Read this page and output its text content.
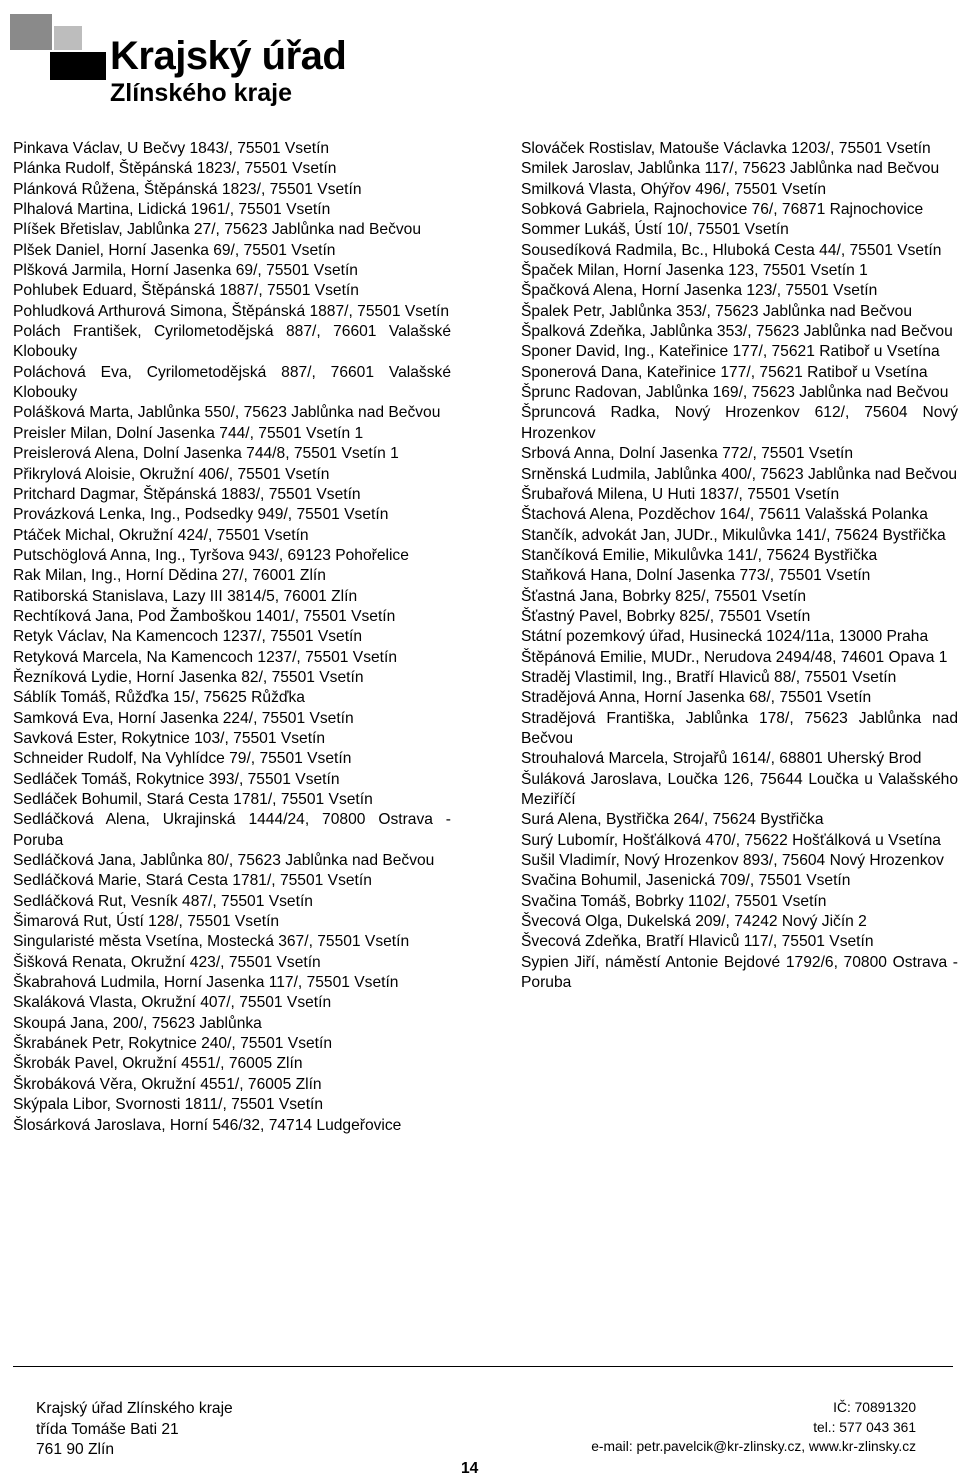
Krajský úřad
Zlínského kraje
Pinkava Václav, U Bečvy 1843/, 75501 Vsetín
Plánka Rudolf, Štěpánská 1823/, 75501 Vsetín
Plánková Růžena, Štěpánská 1823/, 75501 Vsetín
Plhalová Martina, Lidická 1961/, 75501 Vsetín
Plíšek Břetislav, Jablůnka 27/, 75623 Jablůnka nad Bečvou
Plšek Daniel, Horní Jasenka 69/, 75501 Vsetín
Plšková Jarmila, Horní Jasenka 69/, 75501 Vsetín
Pohlubek Eduard, Štěpánská 1887/, 75501 Vsetín
Pohludková Arthurová Simona, Štěpánská 1887/, 75501 Vsetín
Polách František, Cyrilometodějská 887/, 76601 Valašské Klobouky
Poláchová Eva, Cyrilometodějská 887/, 76601 Valašské Klobouky
Polášková Marta, Jablůnka 550/, 75623 Jablůnka nad Bečvou
Preisler Milan, Dolní Jasenka 744/, 75501 Vsetín 1
Preislerová Alena, Dolní Jasenka 744/8, 75501 Vsetín 1
Přikrylová Aloisie, Okružní 406/, 75501 Vsetín
Pritchard Dagmar, Štěpánská 1883/, 75501 Vsetín
Provázková Lenka, Ing., Podsedky 949/, 75501 Vsetín
Ptáček Michal, Okružní 424/, 75501 Vsetín
Putschöglová Anna, Ing., Tyršova 943/, 69123 Pohořelice
Rak Milan, Ing., Horní Dědina 27/, 76001 Zlín
Ratiborská Stanislava, Lazy III 3814/5, 76001 Zlín
Rechtíková Jana, Pod Žamboškou 1401/, 75501 Vsetín
Retyk Václav, Na Kamencoch 1237/, 75501 Vsetín
Retyková Marcela, Na Kamencoch 1237/, 75501 Vsetín
Řezníková Lydie, Horní Jasenka 82/, 75501 Vsetín
Sáblík Tomáš, Růžďka 15/, 75625 Růžďka
Samková Eva, Horní Jasenka 224/, 75501 Vsetín
Savková Ester, Rokytnice 103/, 75501 Vsetín
Schneider Rudolf, Na Vyhlídce 79/, 75501 Vsetín
Sedláček Tomáš, Rokytnice 393/, 75501 Vsetín
Sedláček Bohumil, Stará Cesta 1781/, 75501 Vsetín
Sedláčková Alena, Ukrajinská 1444/24, 70800 Ostrava - Poruba
Sedláčková Jana, Jablůnka 80/, 75623 Jablůnka nad Bečvou
Sedláčková Marie, Stará Cesta 1781/, 75501 Vsetín
Sedláčková Rut, Vesník 487/, 75501 Vsetín
Šimarová Rut, Ústí 128/, 75501 Vsetín
Singularisté města Vsetína, Mostecká 367/, 75501 Vsetín
Šišková Renata, Okružní 423/, 75501 Vsetín
Škabrahová Ludmila, Horní Jasenka 117/, 75501 Vsetín
Skaláková Vlasta, Okružní 407/, 75501 Vsetín
Skoupá Jana, 200/, 75623 Jablůnka
Škrabánek Petr, Rokytnice 240/, 75501 Vsetín
Škrobák Pavel, Okružní 4551/, 76005 Zlín
Škrobáková Věra, Okružní 4551/, 76005 Zlín
Skýpala Libor, Svornosti 1811/, 75501 Vsetín
Šlosárková Jaroslava, Horní 546/32, 74714 Ludgeřovice
Slováček Rostislav, Matouše Václavka 1203/, 75501 Vsetín
Smilek Jaroslav, Jablůnka 117/, 75623 Jablůnka nad Bečvou
Smilková Vlasta, Ohýřov 496/, 75501 Vsetín
Sobková Gabriela, Rajnochovice 76/, 76871 Rajnochovice
Sommer Lukáš, Ústí 10/, 75501 Vsetín
Sousedíková Radmila, Bc., Hluboká Cesta 44/, 75501 Vsetín
Špaček Milan, Horní Jasenka 123, 75501 Vsetín 1
Špačková Alena, Horní Jasenka 123/, 75501 Vsetín
Špalek Petr, Jablůnka 353/, 75623 Jablůnka nad Bečvou
Špalková Zdeňka, Jablůnka 353/, 75623 Jablůnka nad Bečvou
Sponer David, Ing., Kateřinice 177/, 75621 Ratiboř u Vsetína
Sponerová Dana, Kateřinice 177/, 75621 Ratiboř u Vsetína
Šprunc Radovan, Jablůnka 169/, 75623 Jablůnka nad Bečvou
Špruncová Radka, Nový Hrozenkov 612/, 75604 Nový Hrozenkov
Srbová Anna, Dolní Jasenka 772/, 75501 Vsetín
Srněnská Ludmila, Jablůnka 400/, 75623 Jablůnka nad Bečvou
Šrubařová Milena, U Huti 1837/, 75501 Vsetín
Štachová Alena, Pozděchov 164/, 75611 Valašská Polanka
Stančík, advokát Jan, JUDr., Mikulůvka 141/, 75624 Bystřička
Stančíková Emilie, Mikulůvka 141/, 75624 Bystřička
Staňková Hana, Dolní Jasenka 773/, 75501 Vsetín
Šťastná Jana, Bobrky 825/, 75501 Vsetín
Šťastný Pavel, Bobrky 825/, 75501 Vsetín
Státní pozemkový úřad, Husinecká 1024/11a, 13000 Praha
Štěpánová Emilie, MUDr., Nerudova 2494/48, 74601 Opava 1
Straděj Vlastimil, Ing., Bratří Hlaviců 88/, 75501 Vsetín
Stradějová Anna, Horní Jasenka 68/, 75501 Vsetín
Stradějová Františka, Jablůnka 178/, 75623 Jablůnka nad Bečvou
Strouhalová Marcela, Strojařů 1614/, 68801 Uherský Brod
Šuláková Jaroslava, Loučka 126, 75644 Loučka u Valašského Meziříčí
Surá Alena, Bystřička 264/, 75624 Bystřička
Surý Lubomír, Hošťálková 470/, 75622 Hošťálková u Vsetína
Sušil Vladimír, Nový Hrozenkov 893/, 75604 Nový Hrozenkov
Svačina Bohumil, Jasenická 709/, 75501 Vsetín
Svačina Tomáš, Bobrky 1102/, 75501 Vsetín
Švecová Olga, Dukelská 209/, 74242 Nový Jičín 2
Švecová Zdeňka, Bratří Hlaviců 117/, 75501 Vsetín
Sypien Jiří, náměstí Antonie Bejdové 1792/6, 70800 Ostrava - Poruba
Krajský úřad Zlínského kraje
třída Tomáše Bati 21
761 90 Zlín
IČ: 70891320
tel.: 577 043 361
e-mail: petr.pavelcik@kr-zlinsky.cz, www.kr-zlinsky.cz
14
